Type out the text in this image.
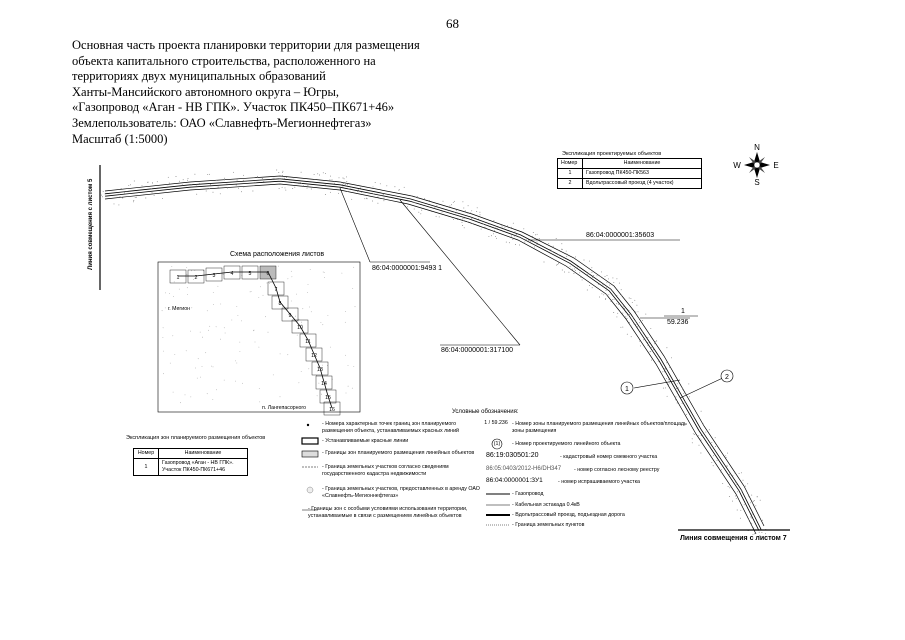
68
Основная часть проекта планировки территории для размещения
объекта капитального строительства, расположенного на
территориях двух муниципальных образований
Ханты-Мансийского автономного округа – Югры,
«Газопровод «Аган - НВ ГПК». Участок ПК450–ПК671+46»
Землепользователь: ОАО «Славнефть-Мегионнефтегаз»
Масштаб (1:5000)
1
2
86:04:0000001:35603
86:04:0000001:9493 1
86:04:0000001:317100
1
59.236
N
S
W	E
Линия совмещения с листом 7
Схема расположения листов
1	2	3	4	5	6
7
8
9
10
11
12
13
14
15
16
г. Мегион
п. Лангепасорного
Линия совмещения с листом 5
Экспликация проектируемых объектов
Номер	Наименование
1	Газопровод ПК450-ПК563
2	Вдольтрассовый проезд (4 участок)
Экспликация зон планируемого размещения объектов
Номер	Наименование
1	Газопровод «Аган - НВ ГПК». Участок ПК450-ПК671+46
Условные обозначения:
- Номера характерных точек границ зон планируемого размещения объекта, устанавливаемых красных линий
- Устанавливаемые красные линии
- Границы зон планируемого размещения линейных объектов
- Граница земельных участков согласно сведениям государственного кадастра недвижимости
- Граница земельных участков, предоставленных в аренду ОАО «Славнефть-Мегионнефтегаз»
- Границы зон с особыми условиями использования территории, устанавливаемые в связи с размещением линейных объектов
1 / 59.236 - Номер зоны планируемого размещения линейных объектов/площадь зоны размещения
(1)	- Номер проектируемого линейного объекта
86:19:030501:20	- кадастровый номер смежного участка
86:05:0403/2012-H6/DH347 - номер согласно лесному реестру
86:04:0000001:ЗУ1	- номер испрашиваемого участка
- Газопровод
- Кабельная эстакада 0.4кВ
- Вдольтрассовый проезд, подъездная дорога
- Граница земельных пунктов
